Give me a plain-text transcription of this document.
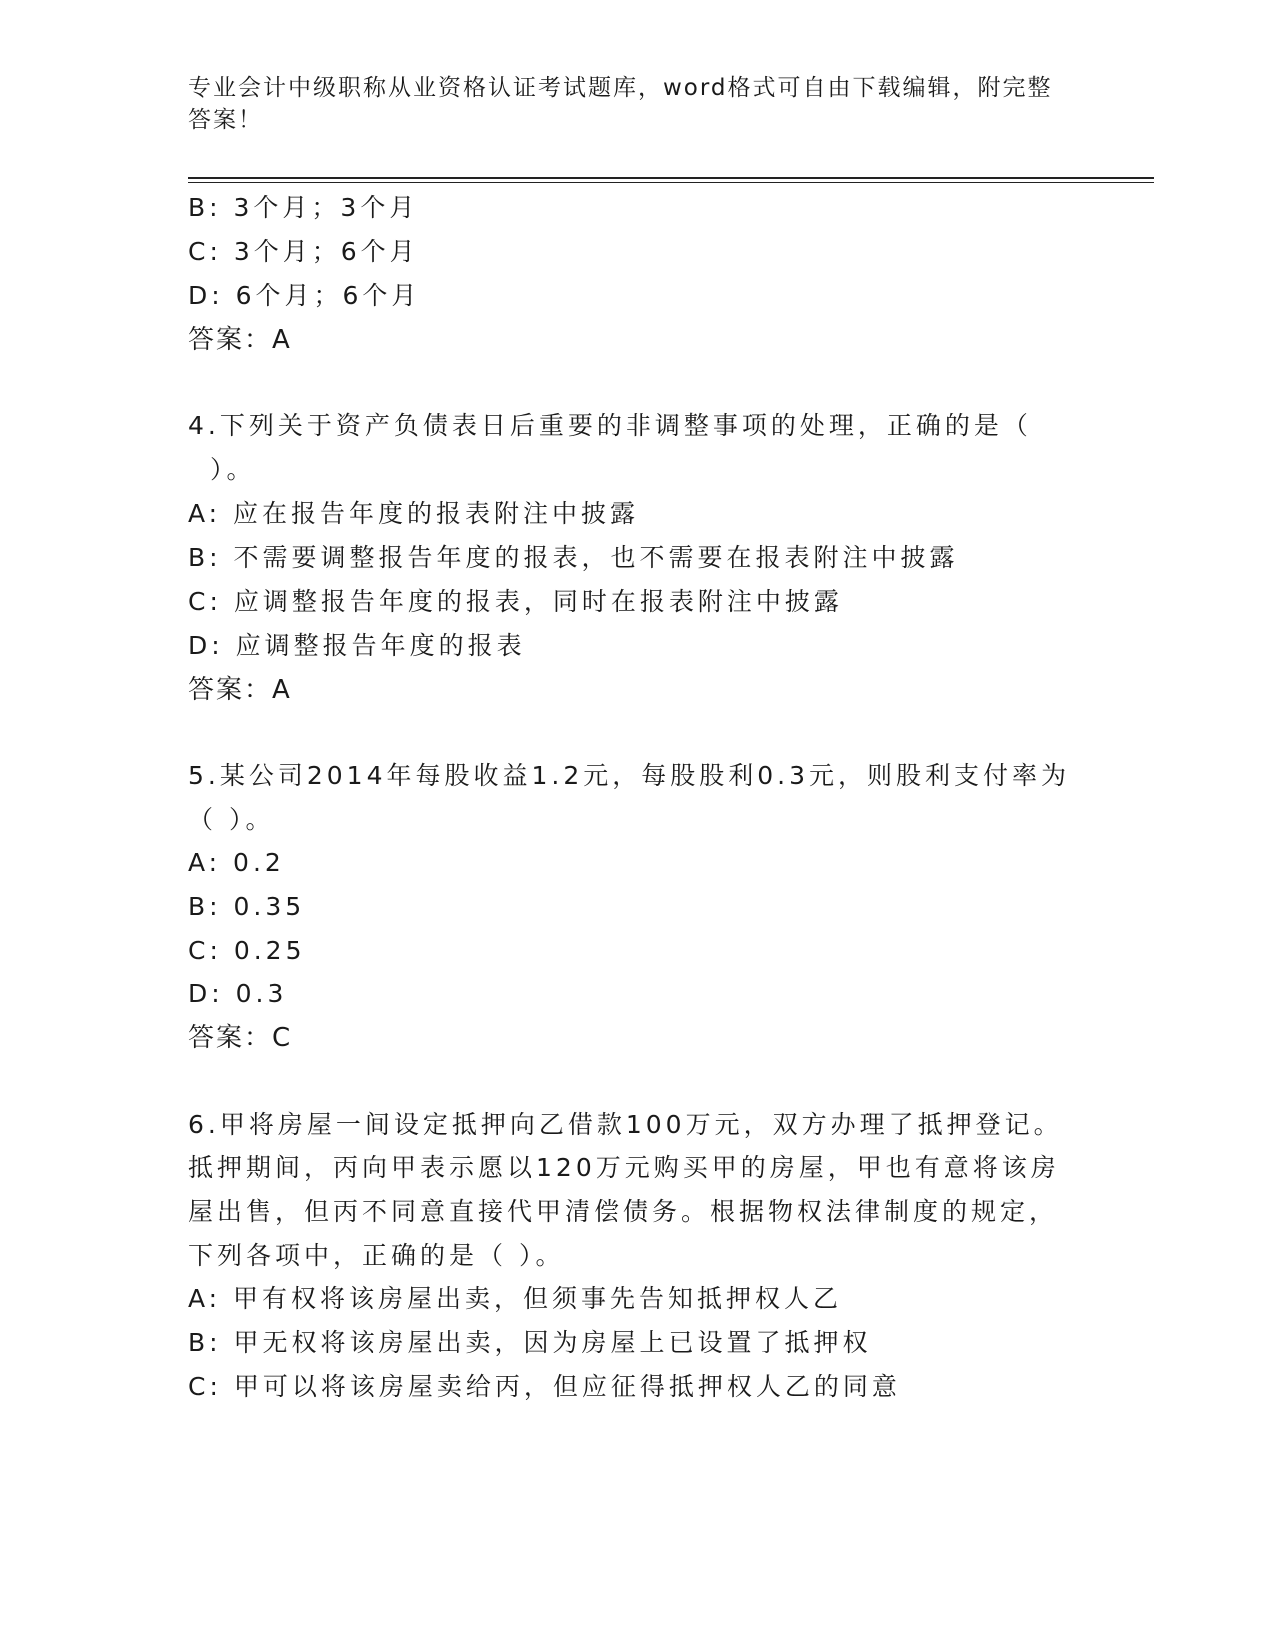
专业会计中级职称从业资格认证考试题库，word格式可自由下载编辑，附完整答案！
B: 3个月；3个月
C: 3个月；6个月
D: 6个月；6个月
答案：A
4.下列关于资产负债表日后重要的非调整事项的处理，正确的是（
）。
A: 应在报告年度的报表附注中披露
B: 不需要调整报告年度的报表，也不需要在报表附注中披露
C: 应调整报告年度的报表，同时在报表附注中披露
D: 应调整报告年度的报表
答案：A
5.某公司2014年每股收益1.2元，每股股利0.3元，则股利支付率为
（ ）。
A: 0.2
B: 0.35
C: 0.25
D: 0.3
答案：C
6.甲将房屋一间设定抵押向乙借款100万元，双方办理了抵押登记。
抵押期间，丙向甲表示愿以120万元购买甲的房屋，甲也有意将该房
屋出售，但丙不同意直接代甲清偿债务。根据物权法律制度的规定，
下列各项中，正确的是（ ）。
A: 甲有权将该房屋出卖，但须事先告知抵押权人乙
B: 甲无权将该房屋出卖，因为房屋上已设置了抵押权
C: 甲可以将该房屋卖给丙，但应征得抵押权人乙的同意
